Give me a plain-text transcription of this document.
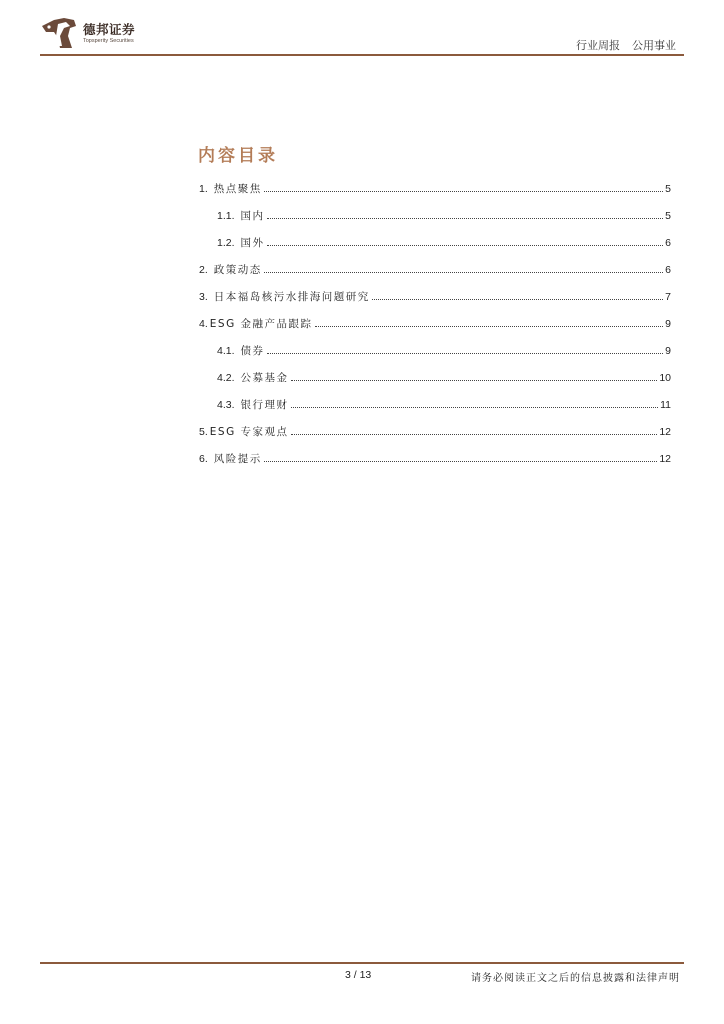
德邦证券
Topsperity Securities	行业周报 公用事业
内容目录
1. 热点聚焦	5
1.1. 国内	5
1.2. 国外	6
2. 政策动态	6
3. 日本福岛核污水排海问题研究	7
4. ESG 金融产品跟踪	9
4.1. 债券	9
4.2. 公募基金	10
4.3. 银行理财	11
5. ESG 专家观点	12
6. 风险提示	12
3 / 13	请务必阅读正文之后的信息披露和法律声明
